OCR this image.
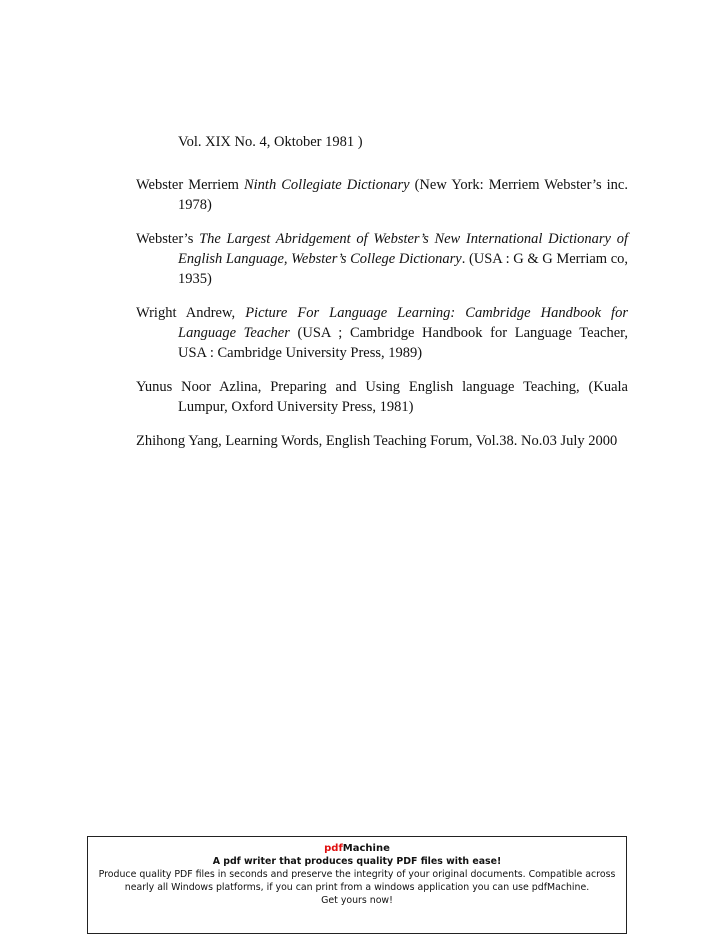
Vol. XIX No. 4, Oktober 1981 )

Webster Merriem Ninth Collegiate Dictionary (New York: Merriem Webster’s inc. 1978)

Webster’s The Largest Abridgement of Webster’s New International Dictionary of English Language, Webster’s College Dictionary. (USA : G & G Merriam co, 1935)

Wright Andrew, Picture For Language Learning: Cambridge Handbook for Language Teacher (USA ; Cambridge Handbook for Language Teacher, USA : Cambridge University Press, 1989)

Yunus Noor Azlina, Preparing and Using English language Teaching, (Kuala Lumpur, Oxford University Press, 1981)

Zhihong Yang, Learning Words, English Teaching Forum, Vol.38. No.03 July 2000

pdfMachine
A pdf writer that produces quality PDF files with ease!
Produce quality PDF files in seconds and preserve the integrity of your original documents. Compatible across nearly all Windows platforms, if you can print from a windows application you can use pdfMachine.
Get yours now!
